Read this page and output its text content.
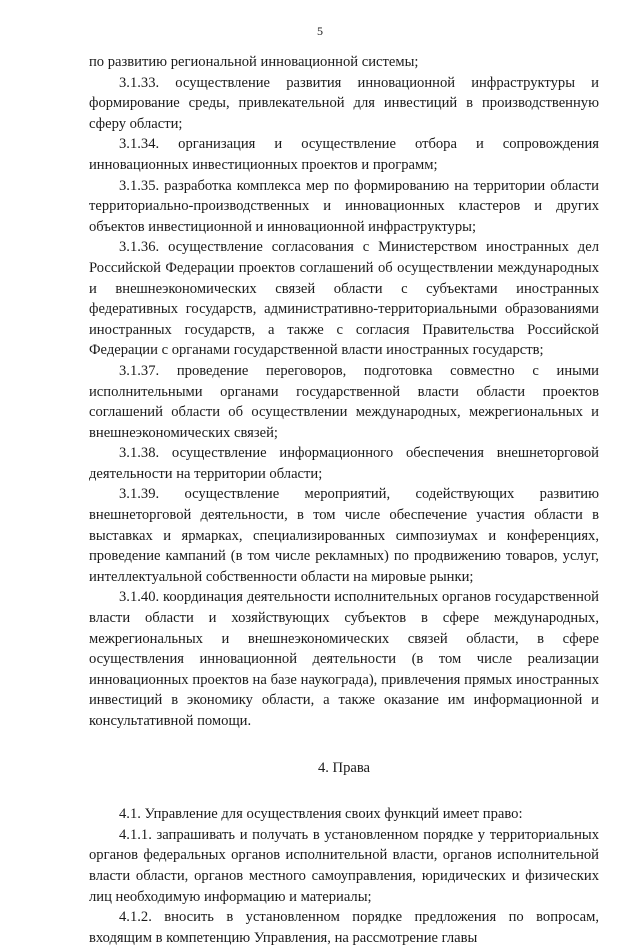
5

по развитию региональной инновационной системы;

3.1.33. осуществление развития инновационной инфраструктуры и формирование среды, привлекательной для инвестиций в производственную сферу области;

3.1.34. организация и осуществление отбора и сопровождения инновационных инвестиционных проектов и программ;

3.1.35. разработка комплекса мер по формированию на территории области территориально-производственных и инновационных кластеров и других объектов инвестиционной и инновационной инфраструктуры;

3.1.36. осуществление согласования с Министерством иностранных дел Российской Федерации проектов соглашений об осуществлении международных и внешнеэкономических связей области с субъектами иностранных федеративных государств, административно-территориальными образованиями иностранных государств, а также с согласия Правительства Российской Федерации с органами государственной власти иностранных государств;

3.1.37. проведение переговоров, подготовка совместно с иными исполнительными органами государственной власти области проектов соглашений области об осуществлении международных, межрегиональных и внешнеэкономических связей;

3.1.38. осуществление информационного обеспечения внешнеторговой деятельности на территории области;

3.1.39. осуществление мероприятий, содействующих развитию внешнеторговой деятельности, в том числе обеспечение участия области в выставках и ярмарках, специализированных симпозиумах и конференциях, проведение кампаний (в том числе рекламных) по продвижению товаров, услуг, интеллектуальной собственности области на мировые рынки;

3.1.40. координация деятельности исполнительных органов государственной власти области и хозяйствующих субъектов в сфере международных, межрегиональных и внешнеэкономических связей области, в сфере осуществления инновационной деятельности (в том числе реализации инновационных проектов на базе наукограда), привлечения прямых иностранных инвестиций в экономику области, а также оказание им информационной и консультативной помощи.

4. Права

4.1. Управление для осуществления своих функций имеет право:

4.1.1. запрашивать и получать в установленном порядке у территориальных органов федеральных органов исполнительной власти, органов исполнительной власти области, органов местного самоуправления, юридических и физических лиц необходимую информацию и материалы;

4.1.2. вносить в установленном порядке предложения по вопросам, входящим в компетенцию Управления, на рассмотрение главы
